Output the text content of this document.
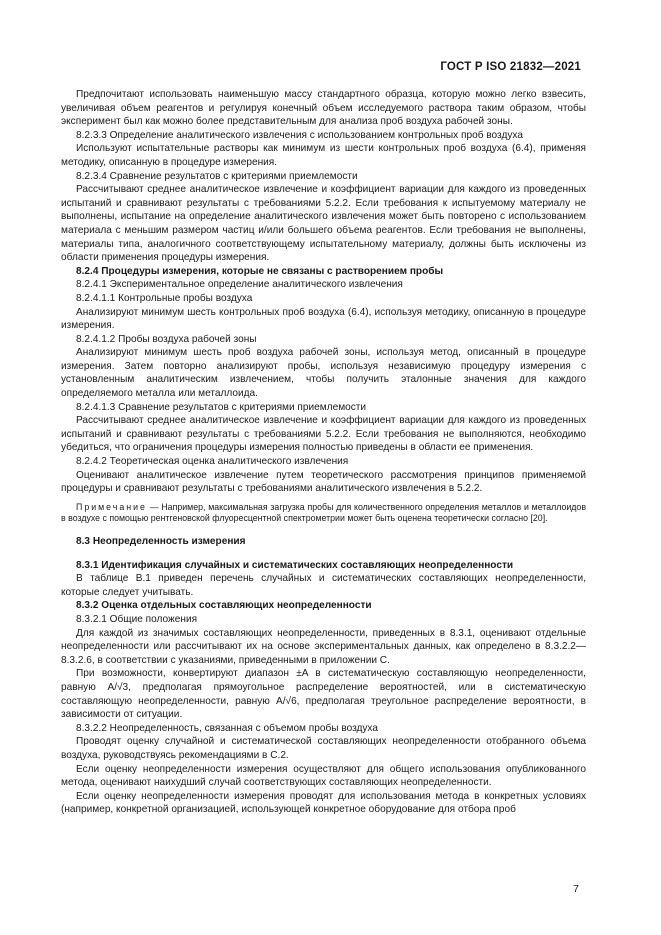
ГОСТ Р ISO 21832—2021

Предпочитают использовать наименьшую массу стандартного образца, которую можно легко взвесить, увеличивая объем реагентов и регулируя конечный объем исследуемого раствора таким образом, чтобы эксперимент был как можно более представительным для анализа проб воздуха рабочей зоны.

8.2.3.3 Определение аналитического извлечения с использованием контрольных проб воздуха

Используют испытательные растворы как минимум из шести контрольных проб воздуха (6.4), применяя методику, описанную в процедуре измерения.

8.2.3.4 Сравнение результатов с критериями приемлемости

Рассчитывают среднее аналитическое извлечение и коэффициент вариации для каждого из проведенных испытаний и сравнивают результаты с требованиями 5.2.2. Если требования к испытуемому материалу не выполнены, испытание на определение аналитического извлечения может быть повторено с использованием материала с меньшим размером частиц и/или большего объема реагентов. Если требования не выполнены, материалы типа, аналогичного соответствующему испытательному материалу, должны быть исключены из области применения процедуры измерения.

8.2.4 Процедуры измерения, которые не связаны с растворением пробы

8.2.4.1 Экспериментальное определение аналитического извлечения

8.2.4.1.1 Контрольные пробы воздуха

Анализируют минимум шесть контрольных проб воздуха (6.4), используя методику, описанную в процедуре измерения.

8.2.4.1.2 Пробы воздуха рабочей зоны

Анализируют минимум шесть проб воздуха рабочей зоны, используя метод, описанный в процедуре измерения. Затем повторно анализируют пробы, используя независимую процедуру измерения с установленным аналитическим извлечением, чтобы получить эталонные значения для каждого определяемого металла или металлоида.

8.2.4.1.3 Сравнение результатов с критериями приемлемости

Рассчитывают среднее аналитическое извлечение и коэффициент вариации для каждого из проведенных испытаний и сравнивают результаты с требованиями 5.2.2. Если требования не выполняются, необходимо убедиться, что ограничения процедуры измерения полностью приведены в области ее применения.

8.2.4.2 Теоретическая оценка аналитического извлечения

Оценивают аналитическое извлечение путем теоретического рассмотрения принципов применяемой процедуры и сравнивают результаты с требованиями аналитического извлечения в 5.2.2.

Примечание — Например, максимальная загрузка пробы для количественного определения металлов и металлоидов в воздухе с помощью рентгеновской флуоресцентной спектрометрии может быть оценена теоретически согласно [20].

8.3 Неопределенность измерения

8.3.1 Идентификация случайных и систематических составляющих неопределенности

В таблице В.1 приведен перечень случайных и систематических составляющих неопределенности, которые следует учитывать.

8.3.2 Оценка отдельных составляющих неопределенности

8.3.2.1 Общие положения

Для каждой из значимых составляющих неопределенности, приведенных в 8.3.1, оценивают отдельные неопределенности или рассчитывают их на основе экспериментальных данных, как определено в 8.3.2.2—8.3.2.6, в соответствии с указаниями, приведенными в приложении С.

При возможности, конвертируют диапазон ±A в систематическую составляющую неопределенности, равную A/√3, предполагая прямоугольное распределение вероятностей, или в систематическую составляющую неопределенности, равную A/√6, предполагая треугольное распределение вероятности, в зависимости от ситуации.

8.3.2.2 Неопределенность, связанная с объемом пробы воздуха

Проводят оценку случайной и систематической составляющих неопределенности отобранного объема воздуха, руководствуясь рекомендациями в С.2.

Если оценку неопределенности измерения осуществляют для общего использования опубликованного метода, оценивают наихудший случай соответствующих составляющих неопределенности.

Если оценку неопределенности измерения проводят для использования метода в конкретных условиях (например, конкретной организацией, использующей конкретное оборудование для отбора проб

7
